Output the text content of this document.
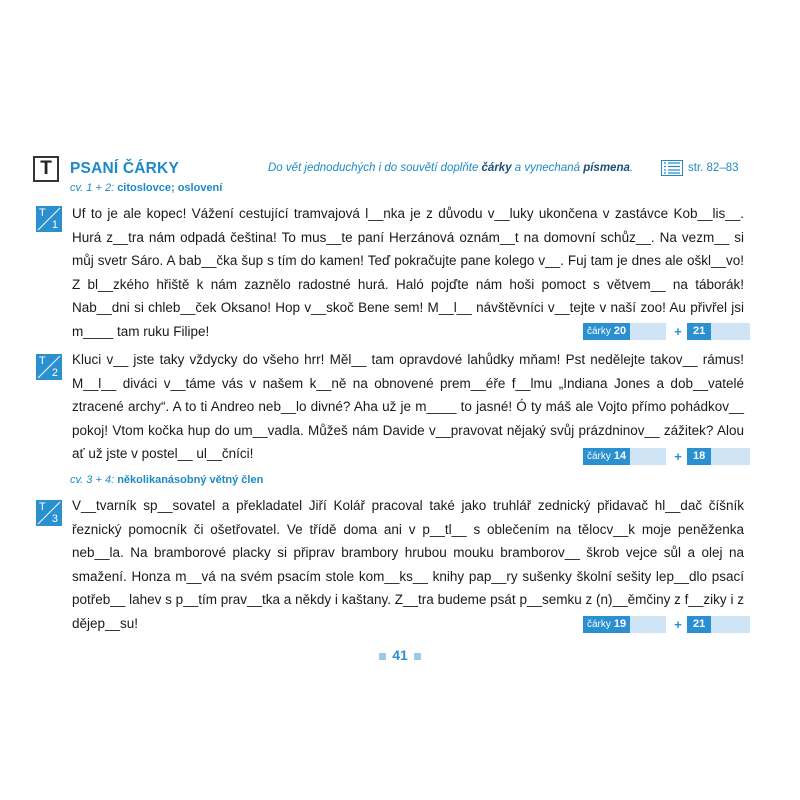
T	PSANÍ ČÁRKY	Do vět jednoduchých i do souvětí doplňte čárky a vynechaná písmena.	str. 82–83
cv. 1 + 2: citoslovce; oslovení
T
1
Uf to je ale kopec! Vážení cestující tramvajová l__nka je z důvodu v__luky ukončena v zastávce Kob__lis__. Hurá z__tra nám odpadá čeština! To mus__te paní Herzánová oznám__t na domovní schůz__. Na vezm__ si můj svetr Sáro. A bab__čka šup s tím do kamen! Teď pokračujte pane kolego v__. Fuj tam je dnes ale oškl__vo! Z bl__zkého hřiště k nám zaznělo radostné hurá. Haló pojďte nám hoši pomoct s větvem__ na táborák! Nab__dni si chleb__ček Oksano! Hop v__skoč Bene sem! M__l__ návštěvníci v__tejte v naší zoo! Au přivřel jsi m____ tam ruku Filipe!	čárky 20	+	21
T
2
Kluci v__ jste taky vždycky do všeho hrr! Měl__ tam opravdové lahůdky mňam! Pst nedělejte takov__ rámus! M__l__ diváci v__táme vás v našem k__ně na obnovené prem__éře f__lmu „Indiana Jones a dob__vatelé ztracené archy“. A to ti Andreo neb__lo divné? Aha už je m____ to jasné! Ó ty máš ale Vojto přímo pohádkov__ pokoj! Vtom kočka hup do um__vadla. Můžeš nám Davide v__pravovat nějaký svůj prázdninov__ zážitek? Alou ať už jste v postel__ ul__čníci!	čárky 14	+	18
cv. 3 + 4: několikanásobný větný člen
T
3
V__tvarník sp__sovatel a překladatel Jiří Kolář pracoval také jako truhlář zednický přidavač hl__dač číšník řeznický pomocník či ošetřovatel. Ve třídě doma ani v p__tl__ s oblečením na tělocv__k moje peněženka neb__la. Na bramborové placky si připrav brambory hrubou mouku bramborov__ škrob vejce sůl a olej na smažení. Honza m__vá na svém psacím stole kom__ks__ knihy pap__ry sušenky školní sešity lep__dlo psací potřeb__ lahev s p__tím prav__tka a někdy i kaštany. Z__tra budeme psát p__semku z (n)__ěmčiny z f__ziky i z dějep__su!	čárky 19	+	21
41
